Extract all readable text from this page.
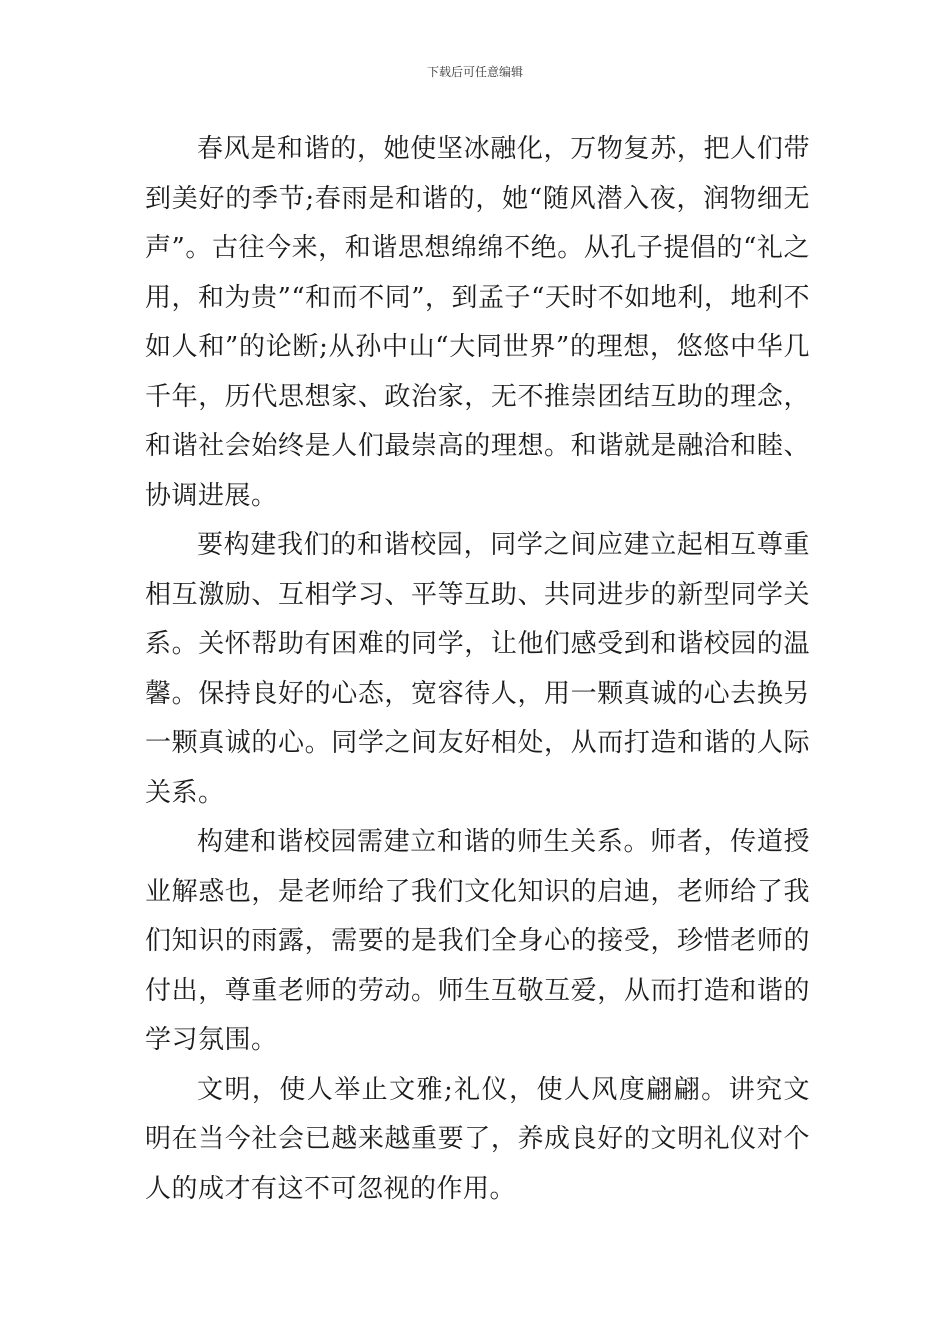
下载后可任意编辑

春风是和谐的，她使坚冰融化，万物复苏，把人们带到美好的季节;春雨是和谐的，她“随风潜入夜，润物细无声”。古往今来，和谐思想绵绵不绝。从孔子提倡的“礼之用，和为贵”“和而不同”，到孟子“天时不如地利，地利不如人和”的论断;从孙中山“大同世界”的理想，悠悠中华几千年，历代思想家、政治家，无不推崇团结互助的理念，和谐社会始终是人们最崇高的理想。和谐就是融洽和睦、协调进展。

要构建我们的和谐校园，同学之间应建立起相互尊重相互激励、互相学习、平等互助、共同进步的新型同学关系。关怀帮助有困难的同学，让他们感受到和谐校园的温馨。保持良好的心态，宽容待人，用一颗真诚的心去换另一颗真诚的心。同学之间友好相处，从而打造和谐的人际关系。

构建和谐校园需建立和谐的师生关系。师者，传道授业解惑也，是老师给了我们文化知识的启迪，老师给了我们知识的雨露，需要的是我们全身心的接受，珍惜老师的付出，尊重老师的劳动。师生互敬互爱，从而打造和谐的学习氛围。

文明，使人举止文雅;礼仪，使人风度翩翩。讲究文明在当今社会已越来越重要了，养成良好的文明礼仪对个人的成才有这不可忽视的作用。
